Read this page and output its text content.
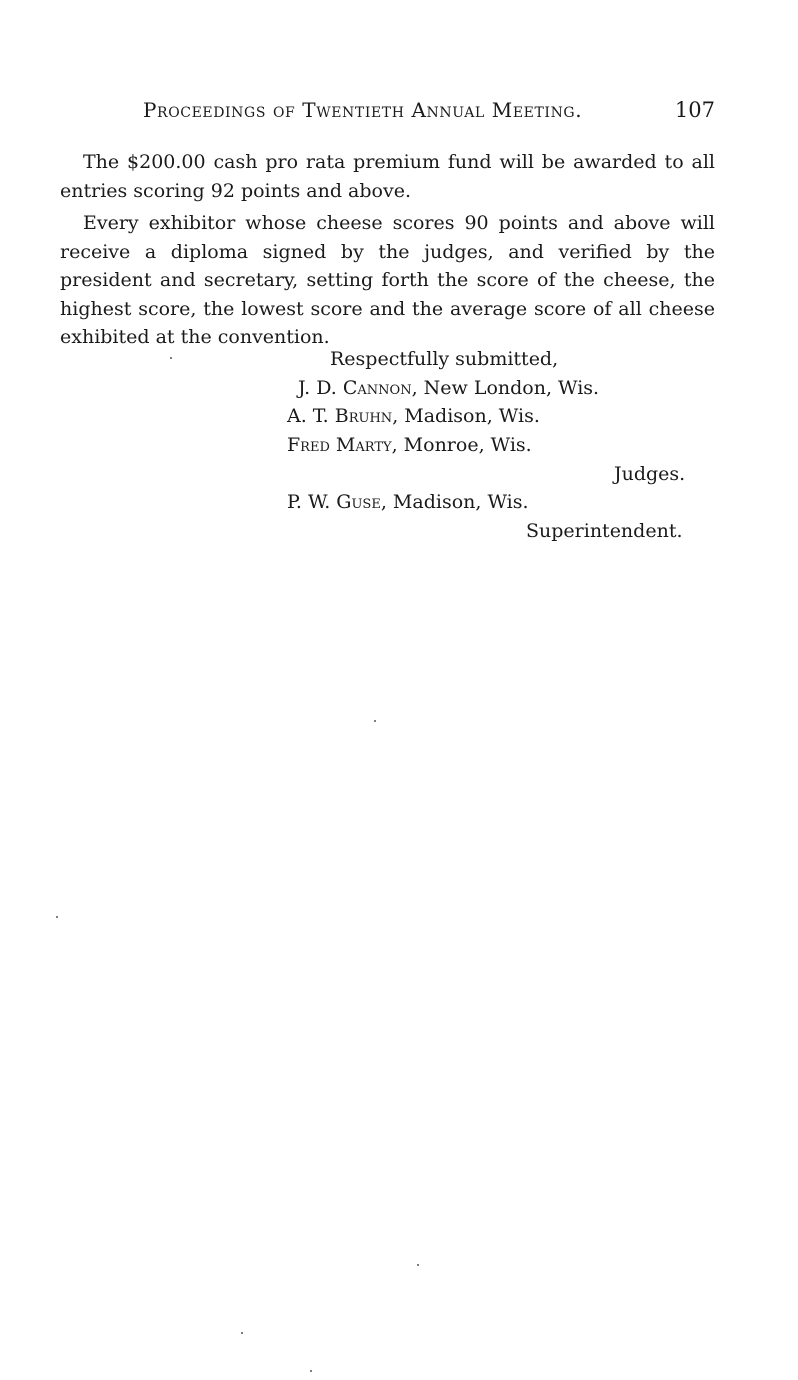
Proceedings of Twentieth Annual Meeting.	107

The $200.00 cash pro rata premium fund will be awarded to all entries scoring 92 points and above.

Every exhibitor whose cheese scores 90 points and above will receive a diploma signed by the judges, and verified by the president and secretary, setting forth the score of the cheese, the highest score, the lowest score and the average score of all cheese exhibited at the convention.

Respectfully submitted,
J. D. Cannon, New London, Wis.
A. T. Bruhn, Madison, Wis.
Fred Marty, Monroe, Wis.
Judges.
P. W. Guse, Madison, Wis.
Superintendent.
